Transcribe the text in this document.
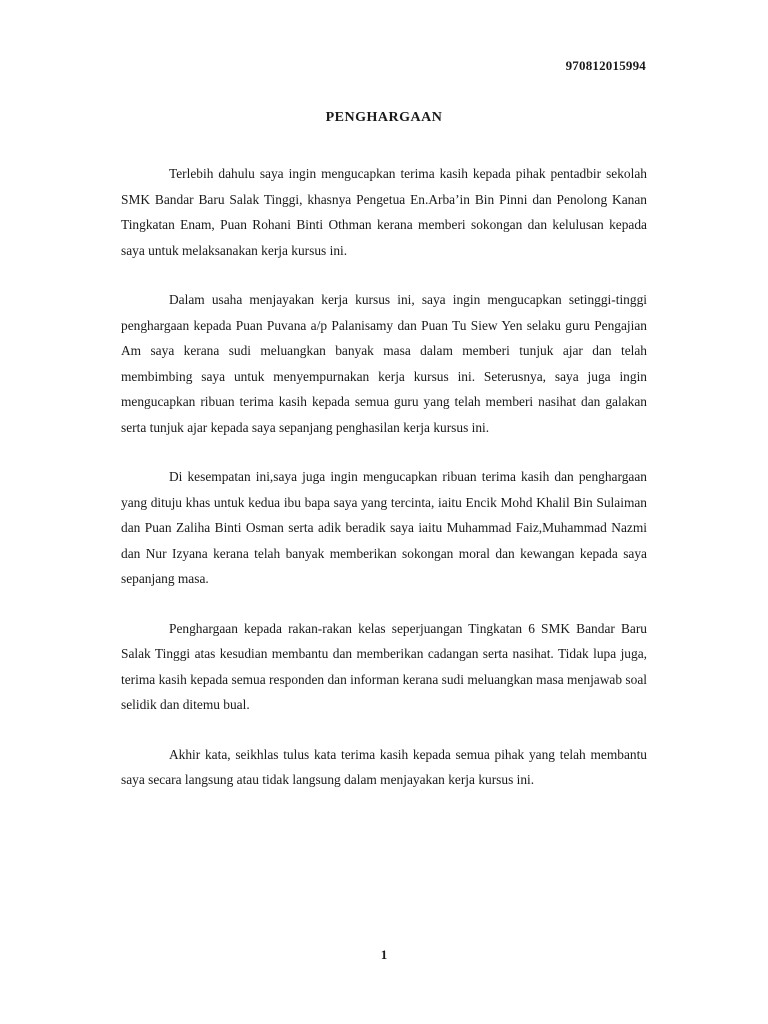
970812015994
PENGHARGAAN

Terlebih dahulu saya ingin mengucapkan terima kasih kepada pihak pentadbir sekolah SMK Bandar Baru Salak Tinggi, khasnya Pengetua En.Arba’in Bin Pinni dan Penolong Kanan Tingkatan Enam, Puan Rohani Binti Othman kerana memberi sokongan dan kelulusan kepada saya untuk melaksanakan kerja kursus ini.

Dalam usaha menjayakan kerja kursus ini, saya ingin mengucapkan setinggi-tinggi penghargaan kepada Puan Puvana a/p Palanisamy dan Puan Tu Siew Yen selaku guru Pengajian Am saya kerana sudi meluangkan banyak masa dalam memberi tunjuk ajar dan telah membimbing saya untuk menyempurnakan kerja kursus ini. Seterusnya, saya juga ingin mengucapkan ribuan terima kasih kepada semua guru yang telah memberi nasihat dan galakan serta tunjuk ajar kepada saya sepanjang penghasilan kerja kursus ini.

Di kesempatan ini,saya juga ingin mengucapkan ribuan terima kasih dan penghargaan yang dituju khas untuk kedua ibu bapa saya yang tercinta, iaitu Encik Mohd Khalil Bin Sulaiman dan Puan Zaliha Binti Osman serta adik beradik saya iaitu Muhammad Faiz,Muhammad Nazmi dan Nur Izyana kerana telah banyak memberikan sokongan moral dan kewangan kepada saya sepanjang masa.

Penghargaan kepada rakan-rakan kelas seperjuangan Tingkatan 6 SMK Bandar Baru Salak Tinggi atas kesudian membantu dan memberikan cadangan serta nasihat. Tidak lupa juga, terima kasih kepada semua responden dan informan kerana sudi meluangkan masa menjawab soal selidik dan ditemu bual.

Akhir kata, seikhlas tulus kata terima kasih kepada semua pihak yang telah membantu saya secara langsung atau tidak langsung dalam menjayakan kerja kursus ini.

1
